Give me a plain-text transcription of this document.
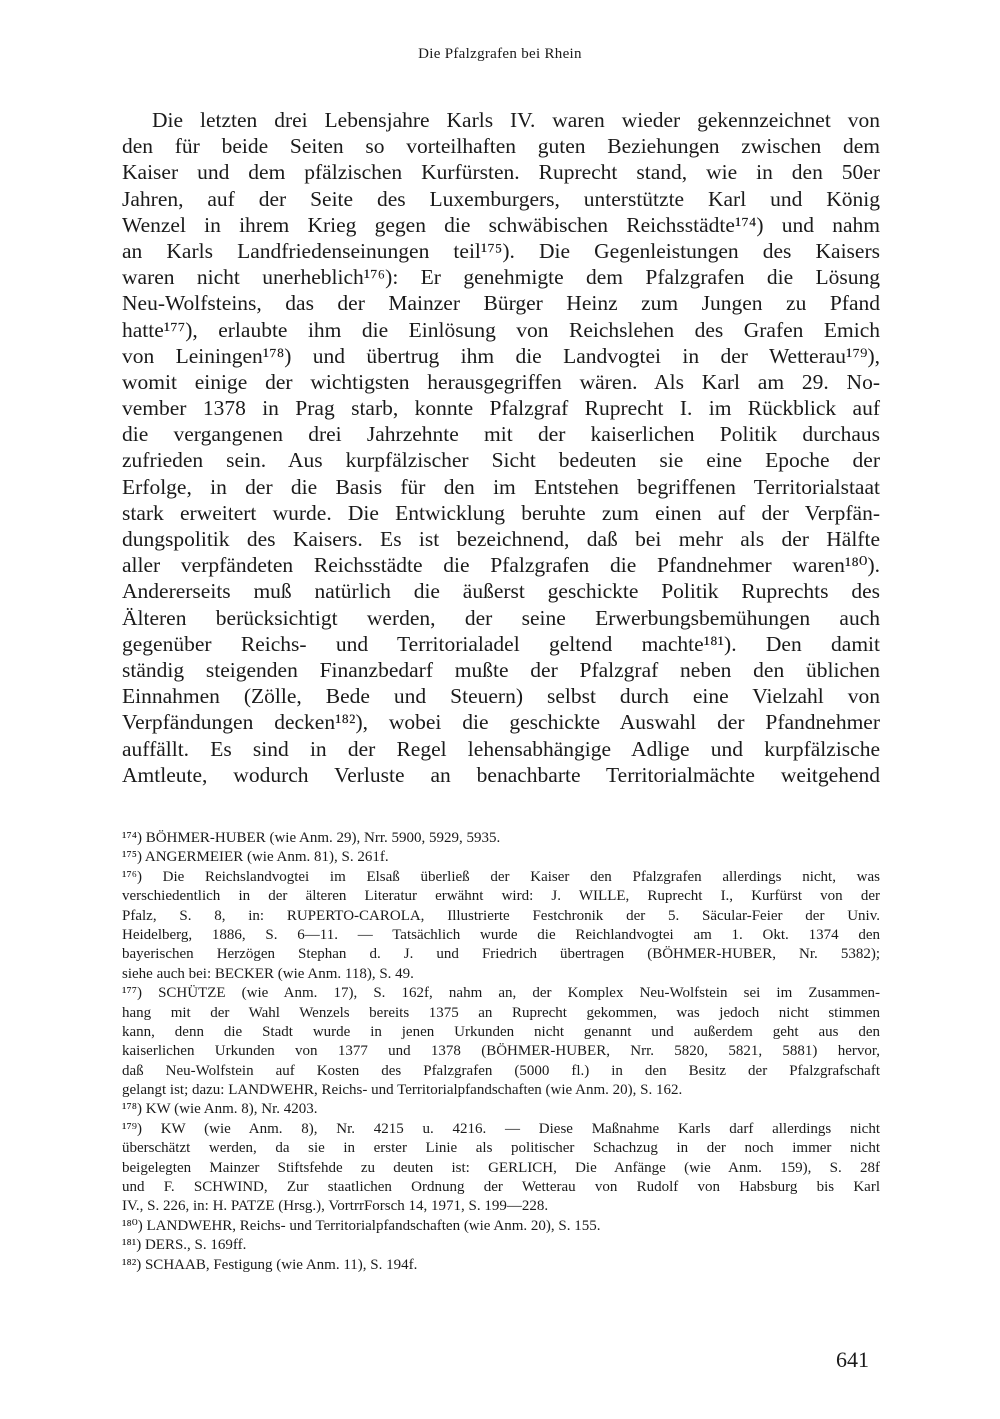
Die Pfalzgrafen bei Rhein
Die letzten drei Lebensjahre Karls IV. waren wieder gekennzeichnet von
den für beide Seiten so vorteilhaften guten Beziehungen zwischen dem
Kaiser und dem pfälzischen Kurfürsten. Ruprecht stand, wie in den 50er
Jahren, auf der Seite des Luxemburgers, unterstützte Karl und König
Wenzel in ihrem Krieg gegen die schwäbischen Reichsstädte¹⁷⁴) und nahm
an Karls Landfriedenseinungen teil¹⁷⁵). Die Gegenleistungen des Kaisers
waren nicht unerheblich¹⁷⁶): Er genehmigte dem Pfalzgrafen die Lösung
Neu-Wolfsteins, das der Mainzer Bürger Heinz zum Jungen zu Pfand
hatte¹⁷⁷), erlaubte ihm die Einlösung von Reichslehen des Grafen Emich
von Leiningen¹⁷⁸) und übertrug ihm die Landvogtei in der Wetterau¹⁷⁹),
womit einige der wichtigsten herausgegriffen wären. Als Karl am 29. No-
vember 1378 in Prag starb, konnte Pfalzgraf Ruprecht I. im Rückblick auf
die vergangenen drei Jahrzehnte mit der kaiserlichen Politik durchaus
zufrieden sein. Aus kurpfälzischer Sicht bedeuten sie eine Epoche der
Erfolge, in der die Basis für den im Entstehen begriffenen Territorialstaat
stark erweitert wurde. Die Entwicklung beruhte zum einen auf der Verpfän-
dungspolitik des Kaisers. Es ist bezeichnend, daß bei mehr als der Hälfte
aller verpfändeten Reichsstädte die Pfalzgrafen die Pfandnehmer waren¹⁸⁰).
Andererseits muß natürlich die äußerst geschickte Politik Ruprechts des
Älteren berücksichtigt werden, der seine Erwerbungsbemühungen auch
gegenüber Reichs- und Territorialadel geltend machte¹⁸¹). Den damit
ständig steigenden Finanzbedarf mußte der Pfalzgraf neben den üblichen
Einnahmen (Zölle, Bede und Steuern) selbst durch eine Vielzahl von
Verpfändungen decken¹⁸²), wobei die geschickte Auswahl der Pfandnehmer
auffällt. Es sind in der Regel lehensabhängige Adlige und kurpfälzische
Amtleute, wodurch Verluste an benachbarte Territorialmächte weitgehend
¹⁷⁴) BÖHMER-HUBER (wie Anm. 29), Nrr. 5900, 5929, 5935.
¹⁷⁵) ANGERMEIER (wie Anm. 81), S. 261f.
¹⁷⁶) Die Reichslandvogtei im Elsaß überließ der Kaiser den Pfalzgrafen allerdings nicht, was
verschiedentlich in der älteren Literatur erwähnt wird: J. WILLE, Ruprecht I., Kurfürst von der
Pfalz, S. 8, in: RUPERTO-CAROLA, Illustrierte Festchronik der 5. Säcular-Feier der Univ.
Heidelberg, 1886, S. 6—11. — Tatsächlich wurde die Reichlandvogtei am 1. Okt. 1374 den
bayerischen Herzögen Stephan d. J. und Friedrich übertragen (BÖHMER-HUBER, Nr. 5382);
siehe auch bei: BECKER (wie Anm. 118), S. 49.
¹⁷⁷) SCHÜTZE (wie Anm. 17), S. 162f, nahm an, der Komplex Neu-Wolfstein sei im Zusammen-
hang mit der Wahl Wenzels bereits 1375 an Ruprecht gekommen, was jedoch nicht stimmen
kann, denn die Stadt wurde in jenen Urkunden nicht genannt und außerdem geht aus den
kaiserlichen Urkunden von 1377 und 1378 (BÖHMER-HUBER, Nrr. 5820, 5821, 5881) hervor,
daß Neu-Wolfstein auf Kosten des Pfalzgrafen (5000 fl.) in den Besitz der Pfalzgrafschaft
gelangt ist; dazu: LANDWEHR, Reichs- und Territorialpfandschaften (wie Anm. 20), S. 162.
¹⁷⁸) KW (wie Anm. 8), Nr. 4203.
¹⁷⁹) KW (wie Anm. 8), Nr. 4215 u. 4216. — Diese Maßnahme Karls darf allerdings nicht
überschätzt werden, da sie in erster Linie als politischer Schachzug in der noch immer nicht
beigelegten Mainzer Stiftsfehde zu deuten ist: GERLICH, Die Anfänge (wie Anm. 159), S. 28f
und F. SCHWIND, Zur staatlichen Ordnung der Wetterau von Rudolf von Habsburg bis Karl
IV., S. 226, in: H. PATZE (Hrsg.), VortrrForsch 14, 1971, S. 199—228.
¹⁸⁰) LANDWEHR, Reichs- und Territorialpfandschaften (wie Anm. 20), S. 155.
¹⁸¹) DERS., S. 169ff.
¹⁸²) SCHAAB, Festigung (wie Anm. 11), S. 194f.
641
